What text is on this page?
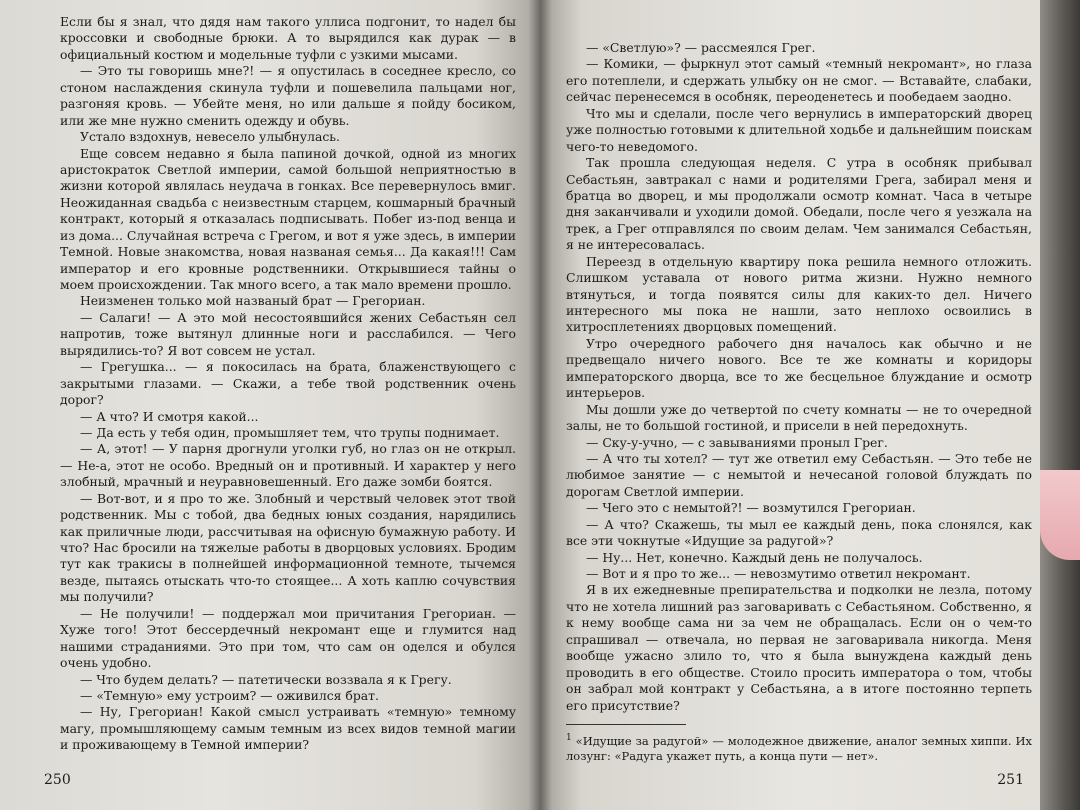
Если бы я знал, что дядя нам такого уллиса подгонит, то надел бы кроссовки и свободные брюки. А то вырядился как дурак — в официальный костюм и модельные туфли с узкими мысами.

— Это ты говоришь мне?! — я опустилась в соседнее кресло, со стоном наслаждения скинула туфли и пошевелила пальцами ног, разгоняя кровь. — Убейте меня, но или дальше я пойду босиком, или же мне нужно сменить одежду и обувь.

Устало вздохнув, невесело улыбнулась.

Еще совсем недавно я была папиной дочкой, одной из многих аристократок Светлой империи, самой большой неприятностью в жизни которой являлась неудача в гонках. Все перевернулось вмиг. Неожиданная свадьба с неизвестным старцем, кошмарный брачный контракт, который я отказалась подписывать. Побег из-под венца и из дома... Случайная встреча с Грегом, и вот я уже здесь, в империи Темной. Новые знакомства, новая названая семья... Да какая!!! Сам император и его кровные родственники. Открывшиеся тайны о моем происхождении. Так много всего, а так мало времени прошло.

Неизменен только мой названый брат — Грегориан.

— Салаги! — А это мой несостоявшийся жених Себастьян сел напротив, тоже вытянул длинные ноги и расслабился. — Чего вырядились-то? Я вот совсем не устал.

— Грегушка... — я покосилась на брата, блаженствующего с закрытыми глазами. — Скажи, а тебе твой родственник очень дорог?

— А что? И смотря какой...

— Да есть у тебя один, промышляет тем, что трупы поднимает.

— А, этот! — У парня дрогнули уголки губ, но глаз он не открыл. — Не-а, этот не особо. Вредный он и противный. И характер у него злобный, мрачный и неуравновешенный. Его даже зомби боятся.

— Вот-вот, и я про то же. Злобный и черствый человек этот твой родственник. Мы с тобой, два бедных юных создания, нарядились как приличные люди, рассчитывая на офисную бумажную работу. И что? Нас бросили на тяжелые работы в дворцовых условиях. Бродим тут как тракисы в полнейшей информационной темноте, тычемся везде, пытаясь отыскать что-то стоящее... А хоть каплю сочувствия мы получили?

— Не получили! — поддержал мои причитания Грегориан. — Хуже того! Этот бессердечный некромант еще и глумится над нашими страданиями. Это при том, что сам он оделся и обулся очень удобно.

— Что будем делать? — патетически воззвала я к Грегу.

— «Темную» ему устроим? — оживился брат.

— Ну, Грегориан! Какой смысл устраивать «темную» темному магу, промышляющему самым темным из всех видов темной магии и проживающему в Темной империи?

250

— «Светлую»? — рассмеялся Грег.

— Комики, — фыркнул этот самый «темный некромант», но глаза его потеплели, и сдержать улыбку он не смог. — Вставайте, слабаки, сейчас перенесемся в особняк, переоденетесь и пообедаем заодно.

Что мы и сделали, после чего вернулись в императорский дворец уже полностью готовыми к длительной ходьбе и дальнейшим поискам чего-то неведомого.

Так прошла следующая неделя. С утра в особняк прибывал Себастьян, завтракал с нами и родителями Грега, забирал меня и братца во дворец, и мы продолжали осмотр комнат. Часа в четыре дня заканчивали и уходили домой. Обедали, после чего я уезжала на трек, а Грег отправлялся по своим делам. Чем занимался Себастьян, я не интересовалась.

Переезд в отдельную квартиру пока решила немного отложить. Слишком уставала от нового ритма жизни. Нужно немного втянуться, и тогда появятся силы для каких-то дел. Ничего интересного мы пока не нашли, зато неплохо освоились в хитросплетениях дворцовых помещений.

Утро очередного рабочего дня началось как обычно и не предвещало ничего нового. Все те же комнаты и коридоры императорского дворца, все то же бесцельное блуждание и осмотр интерьеров.

Мы дошли уже до четвертой по счету комнаты — не то очередной залы, не то большой гостиной, и присели в ней передохнуть.

— Ску-у-учно, — с завываниями проныл Грег.

— А что ты хотел? — тут же ответил ему Себастьян. — Это тебе не любимое занятие — с немытой и нечесаной головой блуждать по дорогам Светлой империи.

— Чего это с немытой?! — возмутился Грегориан.

— А что? Скажешь, ты мыл ее каждый день, пока слонялся, как все эти чокнутые «Идущие за радугой»?

— Ну... Нет, конечно. Каждый день не получалось.

— Вот и я про то же... — невозмутимо ответил некромант.

Я в их ежедневные препирательства и подколки не лезла, потому что не хотела лишний раз заговаривать с Себастьяном. Собственно, я к нему вообще сама ни за чем не обращалась. Если он о чем-то спрашивал — отвечала, но первая не заговаривала никогда. Меня вообще ужасно злило то, что я была вынуждена каждый день проводить в его обществе. Стоило просить императора о том, чтобы он забрал мой контракт у Себастьяна, а в итоге постоянно терпеть его присутствие?

$^1$ «Идущие за радугой» — молодежное движение, аналог земных хиппи. Их лозунг: «Радуга укажет путь, а конца пути — нет».
251
